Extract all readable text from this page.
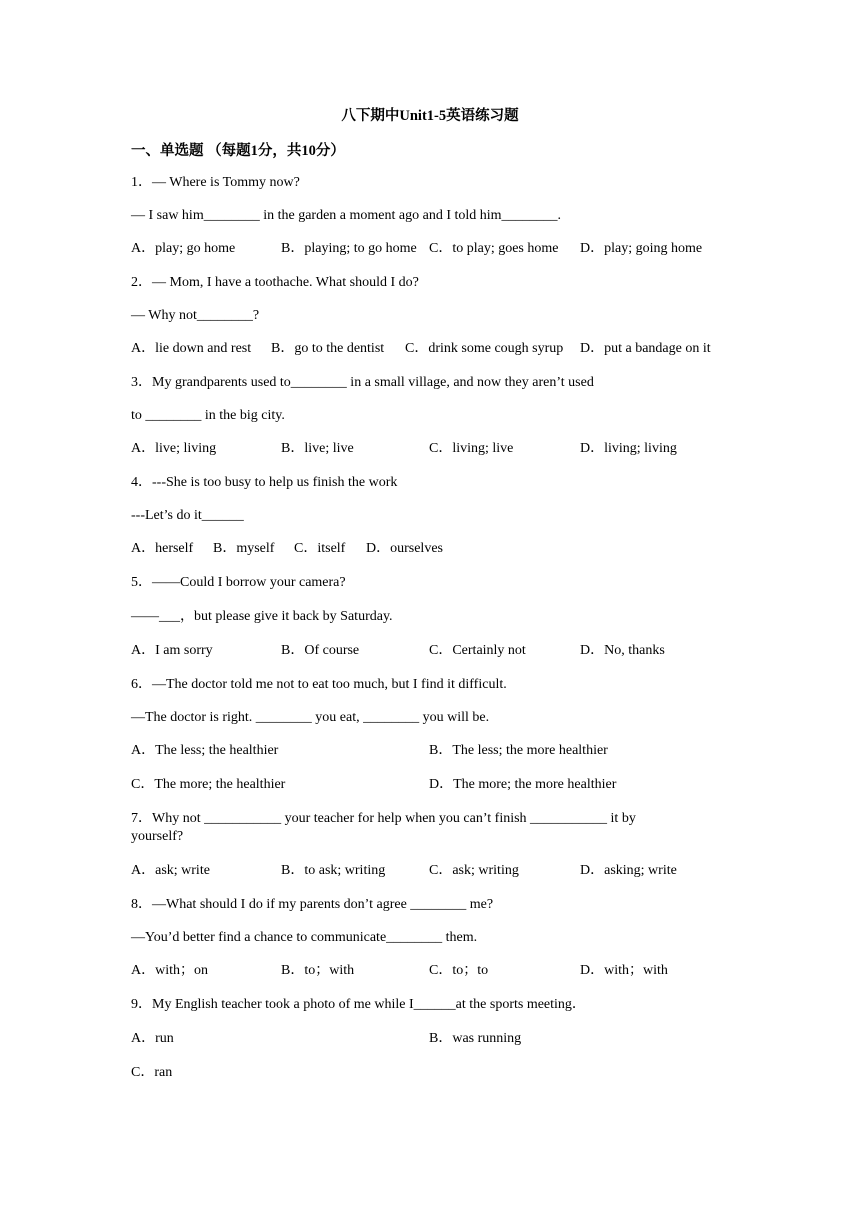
八下期中Unit1-5英语练习题
一、单选题 （每题1分，共10分）
1．— Where is Tommy now?
— I saw him________ in the garden a moment ago and I told him________.
A．play; go home	B．playing; to go home C．to play; goes home D．play; going home
2．— Mom, I have a toothache. What should I do?
— Why not________?
A．lie down and rest B．go to the dentist C．drink some cough syrup D．put a bandage on it
3．My grandparents used to________ in a small village, and now they aren’t used
to ________ in the big city.
A．live; living	B．live; live	C．living; live	D．living; living
4．---She is too busy to help us finish the work
---Let’s do it______
A．herself B．myself C．itself D．ourselves
5．——Could I borrow your camera?
——___，but please give it back by Saturday.
A．I am sorry	B．Of course	C．Certainly not	D．No, thanks
6．—The doctor told me not to eat too much, but I find it difficult.
—The doctor is right. ________ you eat, ________ you will be.
A．The less; the healthier	B．The less; the more healthier
C．The more; the healthier	D．The more; the more healthier
7．Why not ___________ your teacher for help when you can’t finish ___________ it by yourself?
A．ask; write	B．to ask; writing	C．ask; writing	D．asking; write
8．—What should I do if my parents don’t agree ________ me?
—You’d better find a chance to communicate________ them.
A．with；on	B．to；with	C．to；to	D．with；with
9．My English teacher took a photo of me while I______at the sports meeting．
A．run	B．was running
C．ran
